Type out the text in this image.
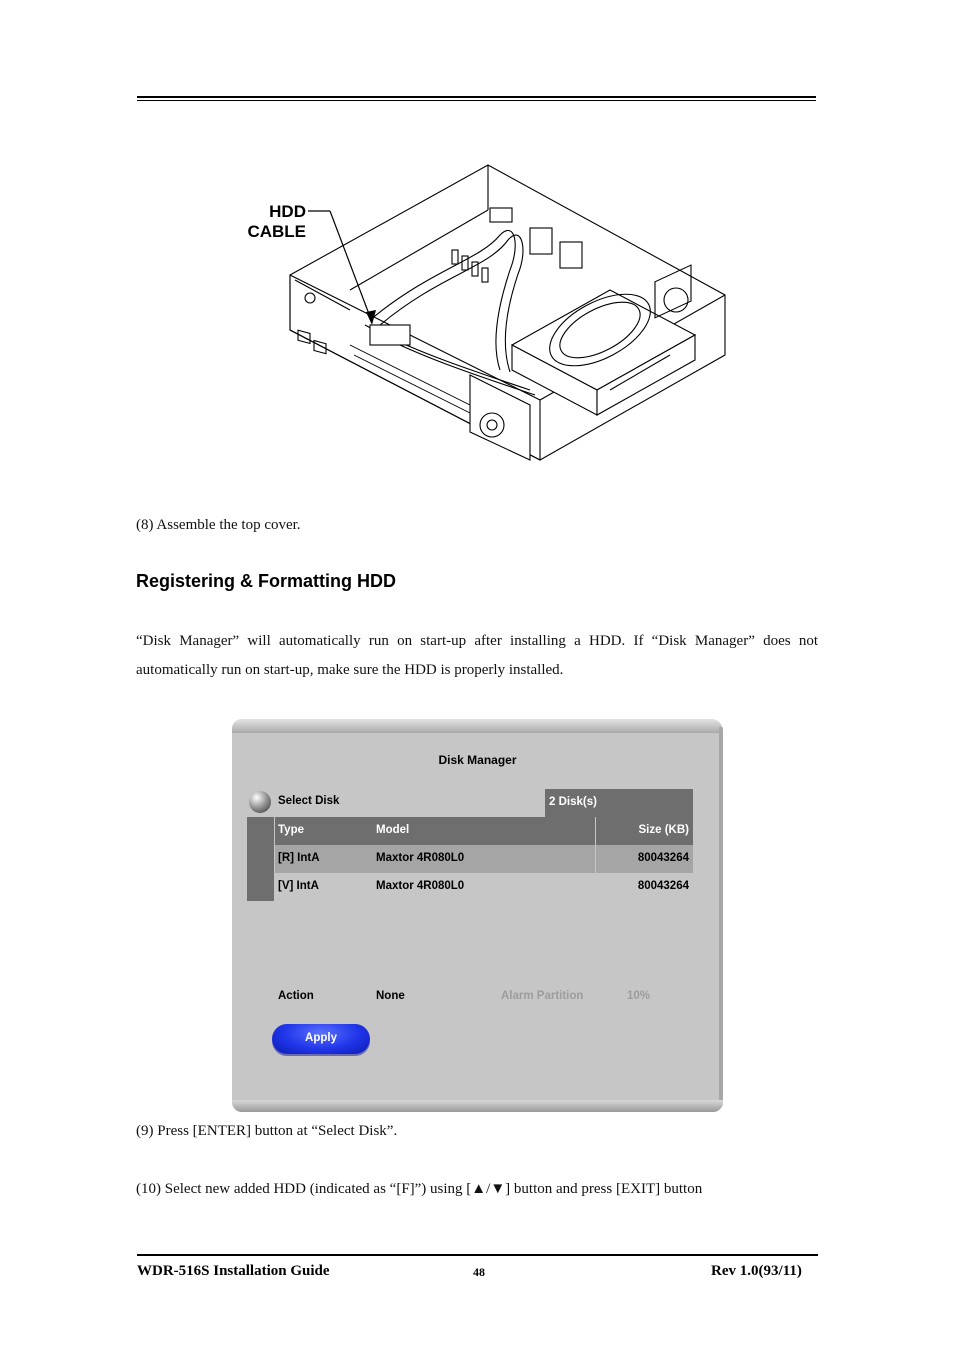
HDD
CABLE
(8) Assemble the top cover.
Registering & Formatting HDD
“Disk Manager” will automatically run on start-up after installing a HDD. If “Disk Manager” does not automatically run on start-up, make sure the HDD is properly installed.
Disk Manager
Select Disk	2 Disk(s)
Type	Model	Size (KB)
[R] IntA	Maxtor 4R080L0	80043264
[V] IntA	Maxtor 4R080L0	80043264
Action	None	Alarm Partition	10%
Apply
(9) Press [ENTER] button at “Select Disk”.
(10) Select new added HDD (indicated as “[F]”) using [▲/▼] button and press [EXIT] button
WDR-516S Installation Guide	48	Rev 1.0(93/11)
